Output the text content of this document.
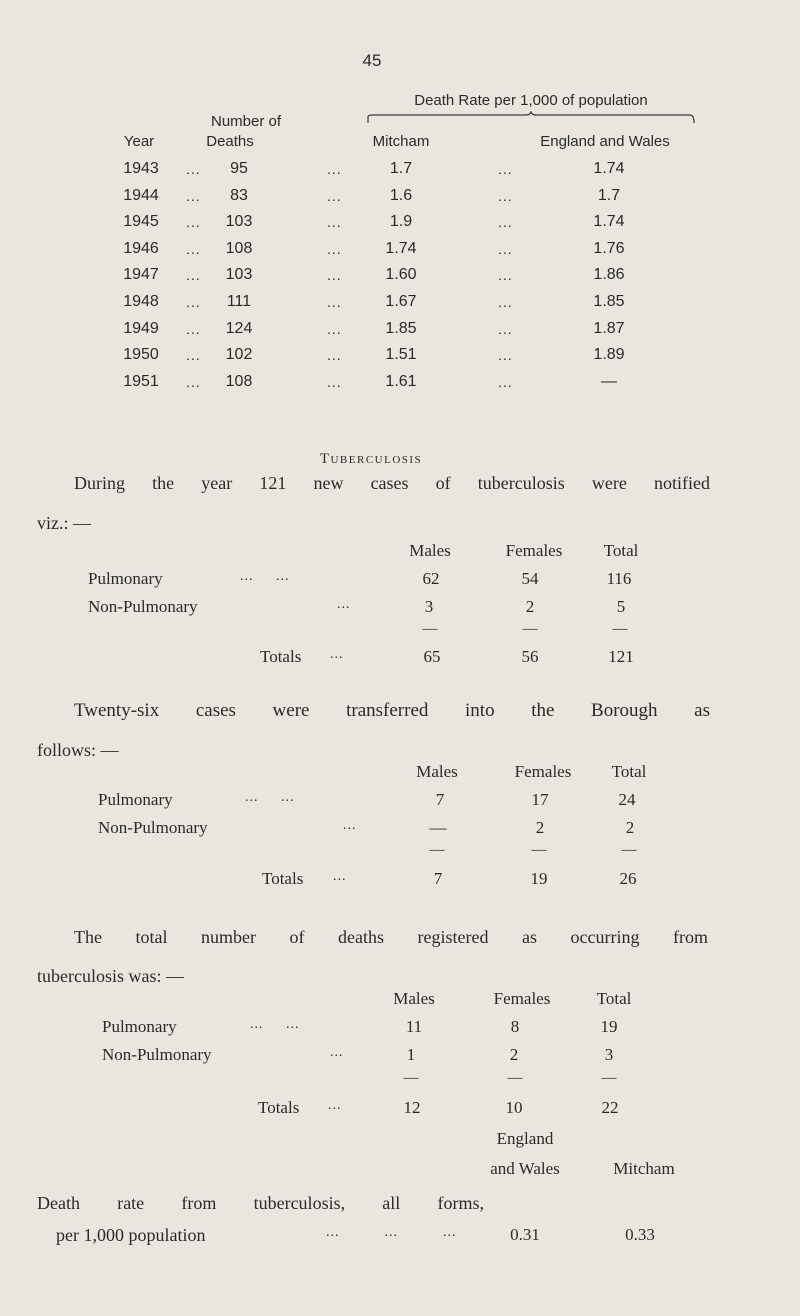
45
Death Rate per 1,000 of population
Number of
Year	Deaths	Mitcham	England and Wales
1943	95	1.7	1.74
...	...	...
1944	83	1.6	1.7
...	...	...
1945	103	1.9	1.74
...	...	...
1946	108	1.74	1.76
...	...	...
1947	103	1.60	1.86
...	...	...
1948	111	1.67	1.85
...	...	...
1949	124	1.85	1.87
...	...	...
1950	102	1.51	1.89
...	...	...
1951	108	1.61	—
...	...	...
Tuberculosis
During the year 121 new cases of tuberculosis were notified
viz.: —
Males	Females Total
Pulmonary	...     ...	62	54	116
Non-Pulmonary	...	3	2	5
—	—	—
Totals ...	65	56	121
Twenty-six cases were transferred into the Borough as
follows: —
Males	Females Total
Pulmonary	...     ...	7	17	24
Non-Pulmonary	...	—	2	2
—	—	—
Totals ...	7	19	26
The total number of deaths registered as occurring from
tuberculosis was: —
Males	Females	Total
Pulmonary	...     ...	11	8	19
Non-Pulmonary	...	1	2	3
—	—	—
Totals ...	12	10	22
England
and Wales	Mitcham
Death rate from tuberculosis, all forms,
per 1,000 population	...          ...          ...	0.31	0.33
